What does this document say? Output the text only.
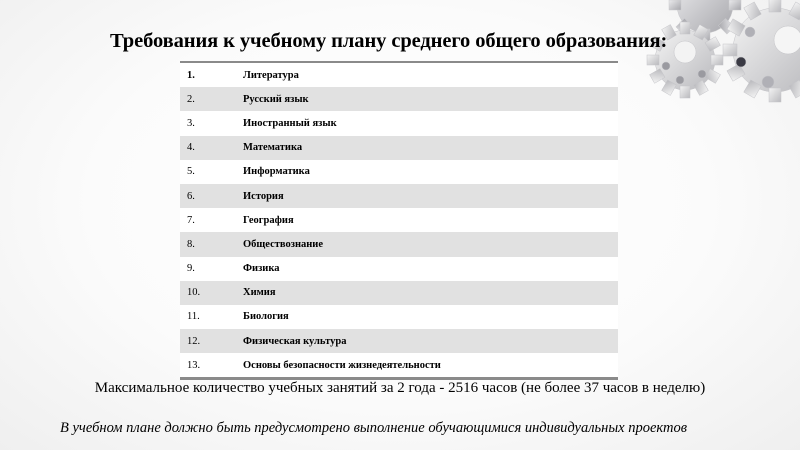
Требования к учебному плану среднего общего образования:
1.	Литература
2.	Русский язык
3.	Иностранный язык
4.	Математика
5.	Информатика
6.	История
7.	География
8.	Обществознание
9.	Физика
10.	Химия
11.	Биология
12.	Физическая культура
13.	Основы безопасности жизнедеятельности
Максимальное количество учебных занятий за 2 года - 2516 часов (не более 37 часов в неделю)
В учебном плане должно быть предусмотрено выполнение обучающимися индивидуальных проектов
